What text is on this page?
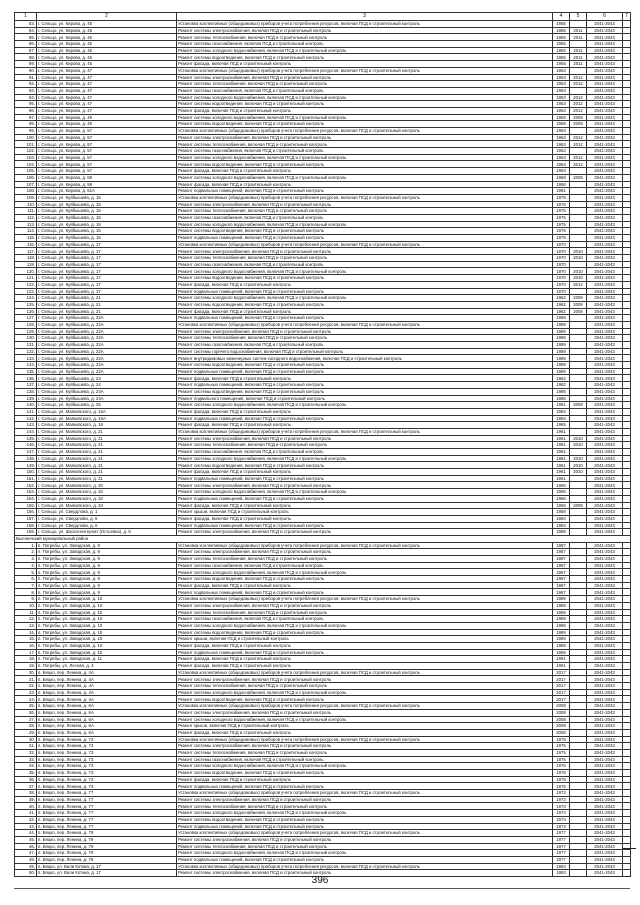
1	2	3	4	5	6	7
83.	г. Сельцо, ул. Кирова, д. 45	Установка коллективных (общедомовых) приборов учета потребления ресурсов, включая ПСД и строительный контроль	1955		2041-2043	
84.	г. Сельцо, ул. Кирова, д. 45	Ремонт системы электроснабжения, включая ПСД и строительный контроль	1955	2011	2041-2043	
85.	г. Сельцо, ул. Кирова, д. 45	Ремонт системы теплоснабжения, включая ПСД и строительный контроль	1955	2011	2041-2043	
86.	г. Сельцо, ул. Кирова, д. 45	Ремонт системы газоснабжения, включая ПСД и строительный контроль	1955		2041-2043	
87.	г. Сельцо, ул. Кирова, д. 45	Ремонт системы холодного водоснабжения, включая ПСД и строительный контроль	1955	2011	2041-2043	
88.	г. Сельцо, ул. Кирова, д. 45	Ремонт системы водоотведения, включая ПСД и строительный контроль	1955	2011	2041-2043	
89.	г. Сельцо, ул. Кирова, д. 45	Ремонт фасада, включая ПСД и строительный контроль	1955	2011	2041-2043	
90.	г. Сельцо, ул. Кирова, д. 47	Установка коллективных (общедомовых) приборов учета потребления ресурсов, включая ПСД и строительный контроль	1953		2041-2043	
91.	г. Сельцо, ул. Кирова, д. 47	Ремонт системы электроснабжения, включая ПСД и строительный контроль	1953	2012	2041-2043	
92.	г. Сельцо, ул. Кирова, д. 47	Ремонт системы теплоснабжения, включая ПСД и строительный контроль	1953	2012	2041-2043	
93.	г. Сельцо, ул. Кирова, д. 47	Ремонт системы газоснабжения, включая ПСД и строительный контроль	1953		2041-2043	
94.	г. Сельцо, ул. Кирова, д. 47	Ремонт системы холодного водоснабжения, включая ПСД и строительный контроль	1953	2012	2041-2043	
95.	г. Сельцо, ул. Кирова, д. 47	Ремонт системы водоотведения, включая ПСД и строительный контроль	1953	2012	2041-2043	
96.	г. Сельцо, ул. Кирова, д. 47	Ремонт фасада, включая ПСД и строительный контроль	1953	2012	2041-2043	
97.	г. Сельцо, ул. Кирова, д. 49	Ремонт системы холодного водоснабжения, включая ПСД и строительный контроль	1958	2008	2041-2043	
98.	г. Сельцо, ул. Кирова, д. 49	Ремонт системы водоотведения, включая ПСД и строительный контроль	1958	2008	2041-2043	
99.	г. Сельцо, ул. Кирова, д. 57	Установка коллективных (общедомовых) приборов учета потребления ресурсов, включая ПСД и строительный контроль	1963		2041-2043	
100.	г. Сельцо, ул. Кирова, д. 57	Ремонт системы электроснабжения, включая ПСД и строительный контроль	1963	2012	2041-2043	
101.	г. Сельцо, ул. Кирова, д. 57	Ремонт системы теплоснабжения, включая ПСД и строительный контроль	1963	2012	2041-2043	
102.	г. Сельцо, ул. Кирова, д. 57	Ремонт системы газоснабжения, включая ПСД и строительный контроль	1963		2041-2043	
103.	г. Сельцо, ул. Кирова, д. 57	Ремонт системы холодного водоснабжения, включая ПСД и строительный контроль	1963	2012	2041-2043	
104.	г. Сельцо, ул. Кирова, д. 57	Ремонт системы водоотведения, включая ПСД и строительный контроль	1963	2012	2041-2043	
105.	г. Сельцо, ул. Кирова, д. 57	Ремонт фасада, включая ПСД и строительный контроль	1963		2041-2043	
106.	г. Сельцо, ул. Кирова, д. 58	Ремонт системы холодного водоснабжения, включая ПСД и строительный контроль	1958	2009	2041-2043	
107.	г. Сельцо, ул. Кирова, д. 58	Ремонт фасада, включая ПСД и строительный контроль	1958		2041-2043	
108.	г. Сельцо, ул. Кирова, д. 61А	Ремонт подвальных помещений, включая ПСД и строительный контроль	1991		2041-2043	
109.	г. Сельцо, ул. Куйбышева, д. 15	Установка коллективных (общедомовых) приборов учета потребления ресурсов, включая ПСД и строительный контроль	1975		2041-2043	
110.	г. Сельцо, ул. Куйбышева, д. 15	Ремонт системы электроснабжения, включая ПСД и строительный контроль	1975		2041-2043	
111.	г. Сельцо, ул. Куйбышева, д. 15	Ремонт системы теплоснабжения, включая ПСД и строительный контроль	1975		2041-2043	
112.	г. Сельцо, ул. Куйбышева, д. 15	Ремонт системы газоснабжения, включая ПСД и строительный контроль	1975		2041-2043	
113.	г. Сельцо, ул. Куйбышева, д. 15	Ремонт системы холодного водоснабжения, включая ПСД и строительный контроль	1975		2041-2043	
114.	г. Сельцо, ул. Куйбышева, д. 15	Ремонт системы водоотведения, включая ПСД и строительный контроль	1975		2041-2043	
115.	г. Сельцо, ул. Куйбышева, д. 15	Ремонт подвальных помещений, включая ПСД и строительный контроль	1975		2041-2043	
116.	г. Сельцо, ул. Куйбышева, д. 17	Установка коллективных (общедомовых) приборов учета потребления ресурсов, включая ПСД и строительный контроль	1970		2041-2043	
117.	г. Сельцо, ул. Куйбышева, д. 17	Ремонт системы электроснабжения, включая ПСД и строительный контроль	1970	2010	2041-2043	
118.	г. Сельцо, ул. Куйбышева, д. 17	Ремонт системы теплоснабжения, включая ПСД и строительный контроль	1970	2010	2041-2043	
119.	г. Сельцо, ул. Куйбышева, д. 17	Ремонт системы газоснабжения, включая ПСД и строительный контроль	1970		2041-2043	
120.	г. Сельцо, ул. Куйбышева, д. 17	Ремонт системы холодного водоснабжения, включая ПСД и строительный контроль	1970	2010	2041-2043	
121.	г. Сельцо, ул. Куйбышева, д. 17	Ремонт системы водоотведения, включая ПСД и строительный контроль	1970	2010	2041-2043	
122.	г. Сельцо, ул. Куйбышева, д. 17	Ремонт фасада, включая ПСД и строительный контроль	1970	2012	2041-2043	
123.	г. Сельцо, ул. Куйбышева, д. 17	Ремонт подвальных помещений, включая ПСД и строительный контроль	1970		2041-2043	
124.	г. Сельцо, ул. Куйбышева, д. 21	Ремонт системы холодного водоснабжения, включая ПСД и строительный контроль	1962	2008	2041-2043	
125.	г. Сельцо, ул. Куйбышева, д. 21	Ремонт системы водоотведения, включая ПСД и строительный контроль	1962	2008	2041-2043	
126.	г. Сельцо, ул. Куйбышева, д. 21	Ремонт фасада, включая ПСД и строительный контроль	1962	2008	2041-2043	
127.	г. Сельцо, ул. Куйбышева, д. 22А	Ремонт подвальных помещений, включая ПСД и строительный контроль	1989		2041-2043	
128.	г. Сельцо, ул. Куйбышева, д. 22А	Установка коллективных (общедомовых) приборов учета потребления ресурсов, включая ПСД и строительный контроль	1989		2041-2043	
129.	г. Сельцо, ул. Куйбышева, д. 22А	Ремонт системы электроснабжения, включая ПСД и строительный контроль	1989		2041-2043	
130.	г. Сельцо, ул. Куйбышева, д. 22А	Ремонт системы теплоснабжения, включая ПСД и строительный контроль	1989		2041-2043	
131.	г. Сельцо, ул. Куйбышева, д. 22А	Ремонт системы газоснабжения, включая ПСД и строительный контроль	1989		2041-2043	
132.	г. Сельцо, ул. Куйбышева, д. 22А	Ремонт системы горячего водоснабжения, включая ПСД и строительный контроль	1989		2041-2043	
133.	г. Сельцо, ул. Куйбышева, д. 22А	Ремонт внутридомовых инженерных систем холодного водоснабжения, включая ПСД и строительный контроль	1989		2041-2043	
134.	г. Сельцо, ул. Куйбышева, д. 22А	Ремонт системы водоотведения, включая ПСД и строительный контроль	1989		2041-2043	
135.	г. Сельцо, ул. Куйбышева, д. 22А	Ремонт подвальных помещений, включая ПСД и строительный контроль	1989		2041-2043	
136.	г. Сельцо, ул. Куйбышева, д. 24	Ремонт фасада, включая ПСД и строительный контроль	1962		2041-2043	
137.	г. Сельцо, ул. Куйбышева, д. 24	Ремонт подвальных помещений, включая ПСД и строительный контроль	1962		2041-2043	
138.	г. Сельцо, ул. Куйбышева, д. 24А	Ремонт системы водоотведения, включая ПСД и строительный контроль	1986		2041-2043	
139.	г. Сельцо, ул. Куйбышева, д. 24А	Ремонт подвального помещения, включая ПСД и строительный контроль	1986		2041-2043	
140.	г. Сельцо, ул. Куйбышева, д. 25	Ремонт системы холодного водоснабжения, включая ПСД и строительный контроль	1961	2008	2041-2043	
141.	г. Сельцо, ул. Маяковского, д. 15А	Ремонт фасада, включая ПСД и строительный контроль	1984		2041-2043	
142.	г. Сельцо, ул. Маяковского, д. 16А	Ремонт подвальных помещений, включая ПСД и строительный контроль	1984		2041-2043	
143.	г. Сельцо, ул. Маяковского, д. 18	Ремонт фасада, включая ПСД и строительный контроль	1965		2041-2043	
144.	г. Сельцо, ул. Маяковского, д. 21	Установка коллективных (общедомовых) приборов учета потребления ресурсов, включая ПСД и строительный контроль	1961		2041-2043	
145.	г. Сельцо, ул. Маяковского, д. 21	Ремонт системы электроснабжения, включая ПСД и строительный контроль	1961	2010	2041-2043	
146.	г. Сельцо, ул. Маяковского, д. 21	Ремонт системы теплоснабжения, включая ПСД и строительный контроль	1961	2010	2041-2043	
147.	г. Сельцо, ул. Маяковского, д. 21	Ремонт системы газоснабжения, включая ПСД и строительный контроль	1961		2041-2043	
148.	г. Сельцо, ул. Маяковского, д. 21	Ремонт системы холодного водоснабжения, включая ПСД и строительный контроль	1961	2010	2041-2043	
149.	г. Сельцо, ул. Маяковского, д. 21	Ремонт системы водоотведения, включая ПСД и строительный контроль	1961	2010	2041-2043	
150.	г. Сельцо, ул. Маяковского, д. 21	Ремонт фасада, включая ПСД и строительный контроль	1961	2010	2041-2043	
151.	г. Сельцо, ул. Маяковского, д. 21	Ремонт подвальных помещений, включая ПСД и строительный контроль	1961		2041-2043	
152.	г. Сельцо, ул. Маяковского, д. 30	Ремонт системы электроснабжения, включая ПСД и строительный контроль	1966		2041-2043	
153.	г. Сельцо, ул. Маяковского, д. 32	Ремонт системы холодного водоснабжения, включая ПСД и строительный контроль	1966		2041-2043	
154.	г. Сельцо, ул. Маяковского, д. 32	Ремонт подвальных помещений, включая ПСД и строительный контроль	1966		2041-2043	
155.	г. Сельцо, ул. Маяковского, д. 34	Ремонт фасада, включая ПСД и строительный контроль	1966	2008	2041-2043	
156.	г. Сельцо, ул. Свердлова, д. 1	Ремонт крыши, включая ПСД и строительный контроль	1958		2041-2043	
157.	г. Сельцо, ул. Свердлова, д. 6	Ремонт фасада, включая ПСД и строительный контроль	1984		2041-2043	
158.	г. Сельцо, ул. Свердлова, д. 6	Ремонт подвальных помещений, включая ПСД и строительный контроль	1984		2041-2043	
159.	г. Сельцо, ул. Школа-интернат (Остьевка), д. 8	Ремонт системы электроснабжения, включая ПСД и строительный контроль	1988		2041-2043	
Выгоничский муниципальный район						
1.	п. Погребы, ул. Заводская, д. 9	Установка коллективных (общедомовых) приборов учета потребления ресурсов, включая ПСД и строительный контроль	1987		2041-2043	
2.	п. Погребы, ул. Заводская, д. 9	Ремонт системы электроснабжения, включая ПСД и строительный контроль	1987		2041-2043	
3.	п. Погребы, ул. Заводская, д. 9	Ремонт системы теплоснабжения, включая ПСД и строительный контроль	1987		2041-2043	
4.	п. Погребы, ул. Заводская, д. 9	Ремонт системы газоснабжения, включая ПСД и строительный контроль	1987		2041-2043	
5.	п. Погребы, ул. Заводская, д. 9	Ремонт системы холодного водоснабжения, включая ПСД и строительный контроль	1987		2041-2043	
6.	п. Погребы, ул. Заводская, д. 9	Ремонт системы водоотведения, включая ПСД и строительный контроль	1987		2041-2043	
7.	п. Погребы, ул. Заводская, д. 9	Ремонт фасада, включая ПСД и строительный контроль	1987		2041-2043	
8.	п. Погребы, ул. Заводская, д. 9	Ремонт подвальных помещений, включая ПСД и строительный контроль	1987		2041-2043	
9.	п. Погребы, ул. Заводская, д. 10	Установка коллективных (общедомовых) приборов учета потребления ресурсов, включая ПСД и строительный контроль	1989		2041-2043	
10.	п. Погребы, ул. Заводская, д. 10	Ремонт системы электроснабжения, включая ПСД и строительный контроль	1989		2041-2043	
11.	п. Погребы, ул. Заводская, д. 10	Ремонт системы теплоснабжения, включая ПСД и строительный контроль	1989		2041-2043	
12.	п. Погребы, ул. Заводская, д. 10	Ремонт системы газоснабжения, включая ПСД и строительный контроль	1989		2041-2043	
13.	п. Погребы, ул. Заводская, д. 10	Ремонт системы холодного водоснабжения, включая ПСД и строительный контроль	1989		2041-2043	
14.	п. Погребы, ул. Заводская, д. 10	Ремонт системы водоотведения, включая ПСД и строительный контроль	1989		2041-2043	
15.	п. Погребы, ул. Заводская, д. 10	Ремонт крыши, включая ПСД и строительный контроль	1989		2041-2043	
16.	п. Погребы, ул. Заводская, д. 10	Ремонт фасада, включая ПСД и строительный контроль	1989		2041-2043	
17.	п. Погребы, ул. Заводская, д. 10	Ремонт подвальных помещений, включая ПСД и строительный контроль	1989		2041-2043	
18.	п. Погребы, ул. Заводская, д. 11	Ремонт фасада, включая ПСД и строительный контроль	1991		2041-2043	
19.	п. Погребы, ул. Лесная, д. 3	Ремонт фасада, включая ПСД и строительный контроль	1991		2041-2043	
20.	п. Бяцко, пер. Ленина, д. 4А	Установка коллективных (общедомовых) приборов учета потребления ресурсов, включая ПСД и строительный контроль	2017		2041-2043	
21.	п. Бяцко, пер. Ленина, д. 4А	Ремонт системы электроснабжения, включая ПСД и строительный контроль	2017		2041-2043	
22.	п. Бяцко, пер. Ленина, д. 4А	Ремонт системы теплоснабжения, включая ПСД и строительный контроль	2017		2041-2043	
23.	п. Бяцко, пер. Ленина, д. 4А	Ремонт системы холодного водоснабжения, включая ПСД и строительный контроль	2017		2041-2043	
24.	п. Бяцко, пер. Ленина, д. 4А	Ремонт системы водоотведения, включая ПСД и строительный контроль	2017		2041-2043	
25.	п. Бяцко, пер. Ленина, д. 6А	Установка коллективных (общедомовых) приборов учета потребления ресурсов, включая ПСД и строительный контроль	2008		2041-2043	
26.	п. Бяцко, пер. Ленина, д. 6А	Ремонт системы электроснабжения, включая ПСД и строительный контроль	2008		2041-2043	
27.	п. Бяцко, пер. Ленина, д. 6А	Ремонт системы холодного водоснабжения, включая ПСД и строительный контроль	2008		2041-2043	
28.	п. Бяцко, пер. Ленина, д. 6А	Ремонт крыши, включая ПСД и строительный контроль	2008		2041-2043	
29.	п. Бяцко, пер. Ленина, д. 6А	Ремонт фасада, включая ПСД и строительный контроль	2008		2041-2043	
30.	п. Бяцко, пер. Ленина, д. 73	Установка коллективных (общедомовых) приборов учета потребления ресурсов, включая ПСД и строительный контроль	1975		2041-2043	
31.	п. Бяцко, пер. Ленина, д. 73	Ремонт системы электроснабжения, включая ПСД и строительный контроль	1975		2041-2043	
32.	п. Бяцко, пер. Ленина, д. 73	Ремонт системы теплоснабжения, включая ПСД и строительный контроль	1975		2041-2043	
33.	п. Бяцко, пер. Ленина, д. 73	Ремонт системы газоснабжения, включая ПСД и строительный контроль	1975		2041-2043	
34.	п. Бяцко, пер. Ленина, д. 73	Ремонт системы холодного водоснабжения, включая ПСД и строительный контроль	1975		2041-2043	
35.	п. Бяцко, пер. Ленина, д. 73	Ремонт системы водоотведения, включая ПСД и строительный контроль	1975		2041-2043	
36.	п. Бяцко, пер. Ленина, д. 73	Ремонт фасада, включая ПСД и строительный контроль	1975		2041-2043	
37.	п. Бяцко, пер. Ленина, д. 73	Ремонт подвальных помещений, включая ПСД и строительный контроль	1975		2041-2043	
38.	п. Бяцко, пер. Ленина, д. 77	Установка коллективных (общедомовых) приборов учета потребления ресурсов, включая ПСД и строительный контроль	1973		2041-2043	
39.	п. Бяцко, пер. Ленина, д. 77	Ремонт системы электроснабжения, включая ПСД и строительный контроль	1973		2041-2043	
40.	п. Бяцко, пер. Ленина, д. 77	Ремонт системы теплоснабжения, включая ПСД и строительный контроль	1973		2041-2043	
41.	п. Бяцко, пер. Ленина, д. 77	Ремонт системы холодного водоснабжения, включая ПСД и строительный контроль	1973		2041-2043	
42.	п. Бяцко, пер. Ленина, д. 77	Ремонт системы водоотведения, включая ПСД и строительный контроль	1973		2041-2043	
43.	п. Бяцко, пер. Ленина, д. 77	Ремонт подвальных помещений, включая ПСД и строительный контроль	1973		2041-2043	
44.	п. Бяцко, пер. Ленина, д. 79	Установка коллективных (общедомовых) приборов учета потребления ресурсов, включая ПСД и строительный контроль	1977		2041-2043	
45.	п. Бяцко, пер. Ленина, д. 79	Ремонт системы электроснабжения, включая ПСД и строительный контроль	1977		2041-2043	
46.	п. Бяцко, пер. Ленина, д. 79	Ремонт системы теплоснабжения, включая ПСД и строительный контроль	1977		2041-2043	
47.	п. Бяцко, пер. Ленина, д. 79	Ремонт системы холодного водоснабжения, включая ПСД и строительный контроль	1977		2041-2043	
48.	п. Бяцко, пер. Ленина, д. 79	Ремонт подвальных помещений, включая ПСД и строительный контроль	1977		2041-2043	
49.	п. Бяцко, ул. Вали Котика, д. 17	Установка коллективных (общедомовых) приборов учета потребления ресурсов, включая ПСД и строительный контроль	1983		2041-2043	
50.	п. Бяцко, ул. Вали Котика, д. 17	Ремонт системы электроснабжения, включая ПСД и строительный контроль	1983		2041-2043	
396
